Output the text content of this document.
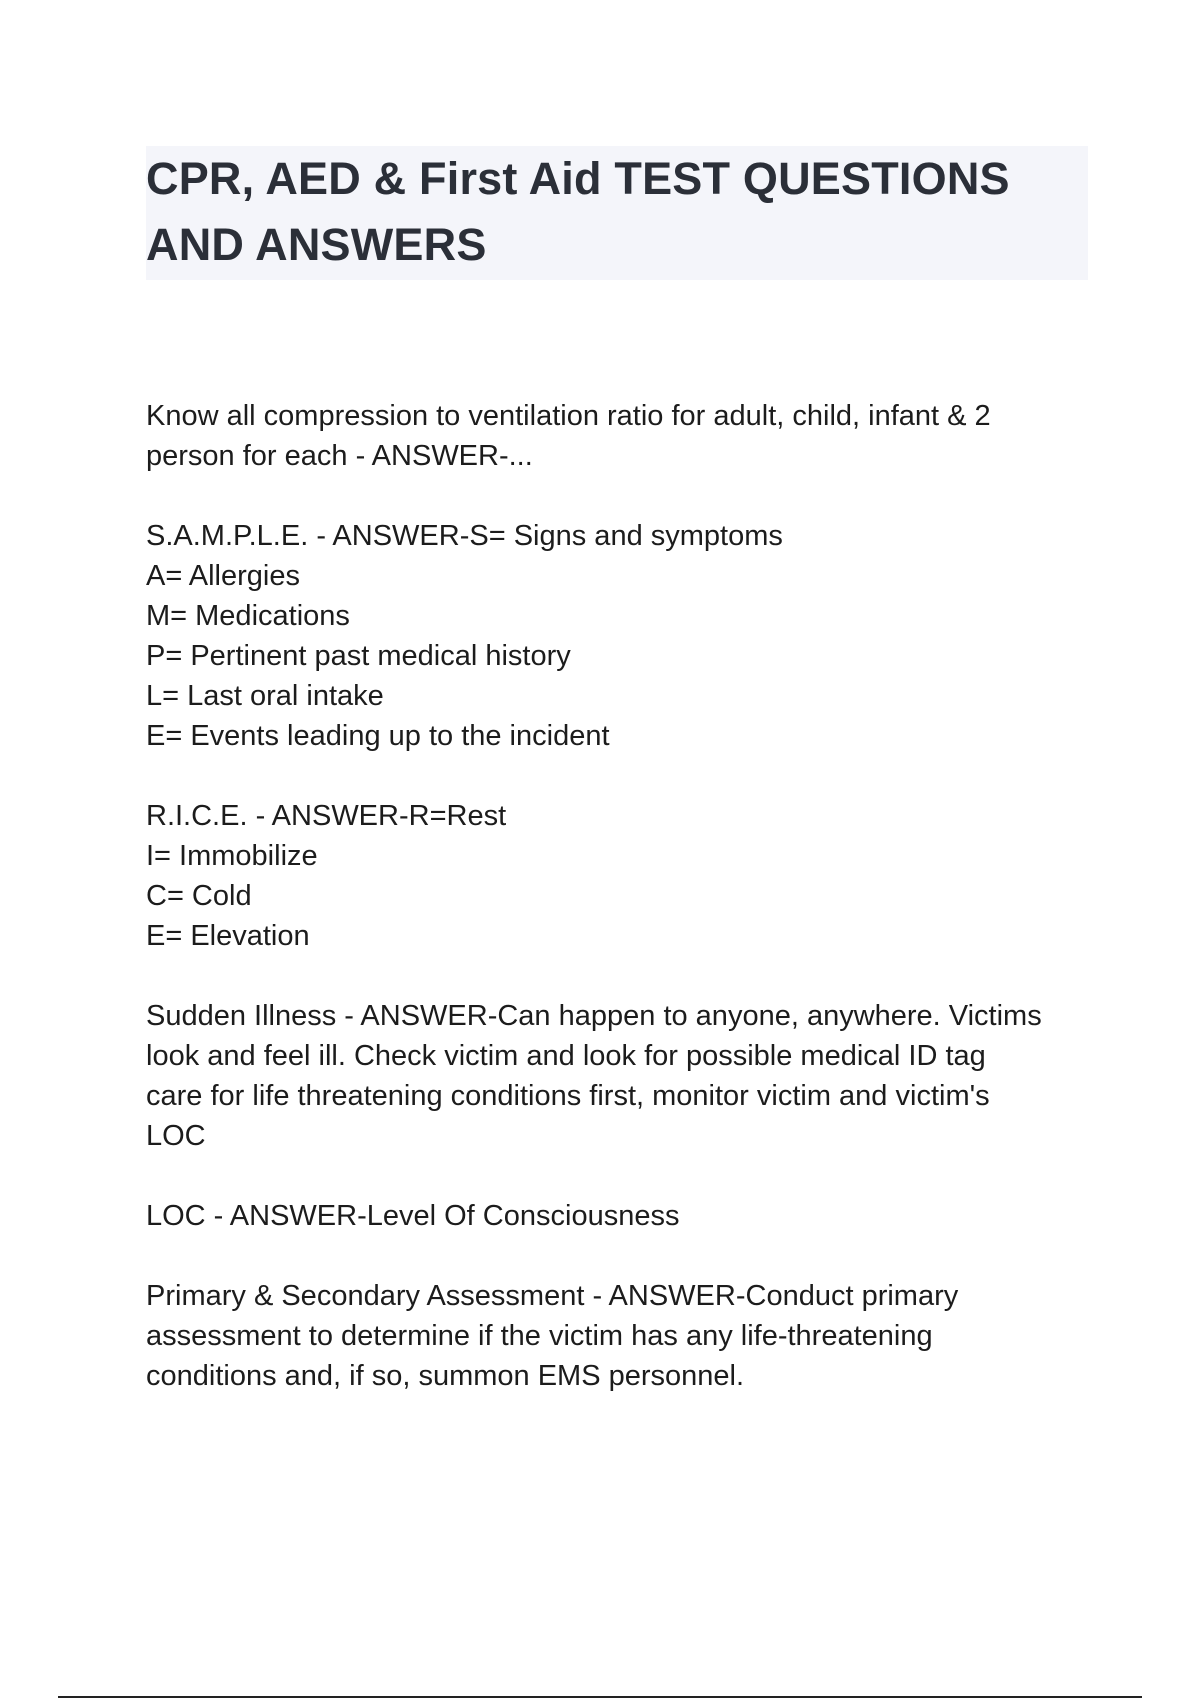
CPR, AED & First Aid TEST QUESTIONS
AND ANSWERS
Know all compression to ventilation ratio for adult, child, infant & 2
person for each - ANSWER-...
S.A.M.P.L.E. - ANSWER-S= Signs and symptoms
A= Allergies
M= Medications
P= Pertinent past medical history
L= Last oral intake
E= Events leading up to the incident
R.I.C.E. - ANSWER-R=Rest
I= Immobilize
C= Cold
E= Elevation
Sudden Illness - ANSWER-Can happen to anyone, anywhere. Victims
look and feel ill. Check victim and look for possible medical ID tag
care for life threatening conditions first, monitor victim and victim's
LOC
LOC - ANSWER-Level Of Consciousness
Primary & Secondary Assessment - ANSWER-Conduct primary
assessment to determine if the victim has any life-threatening
conditions and, if so, summon EMS personnel.
